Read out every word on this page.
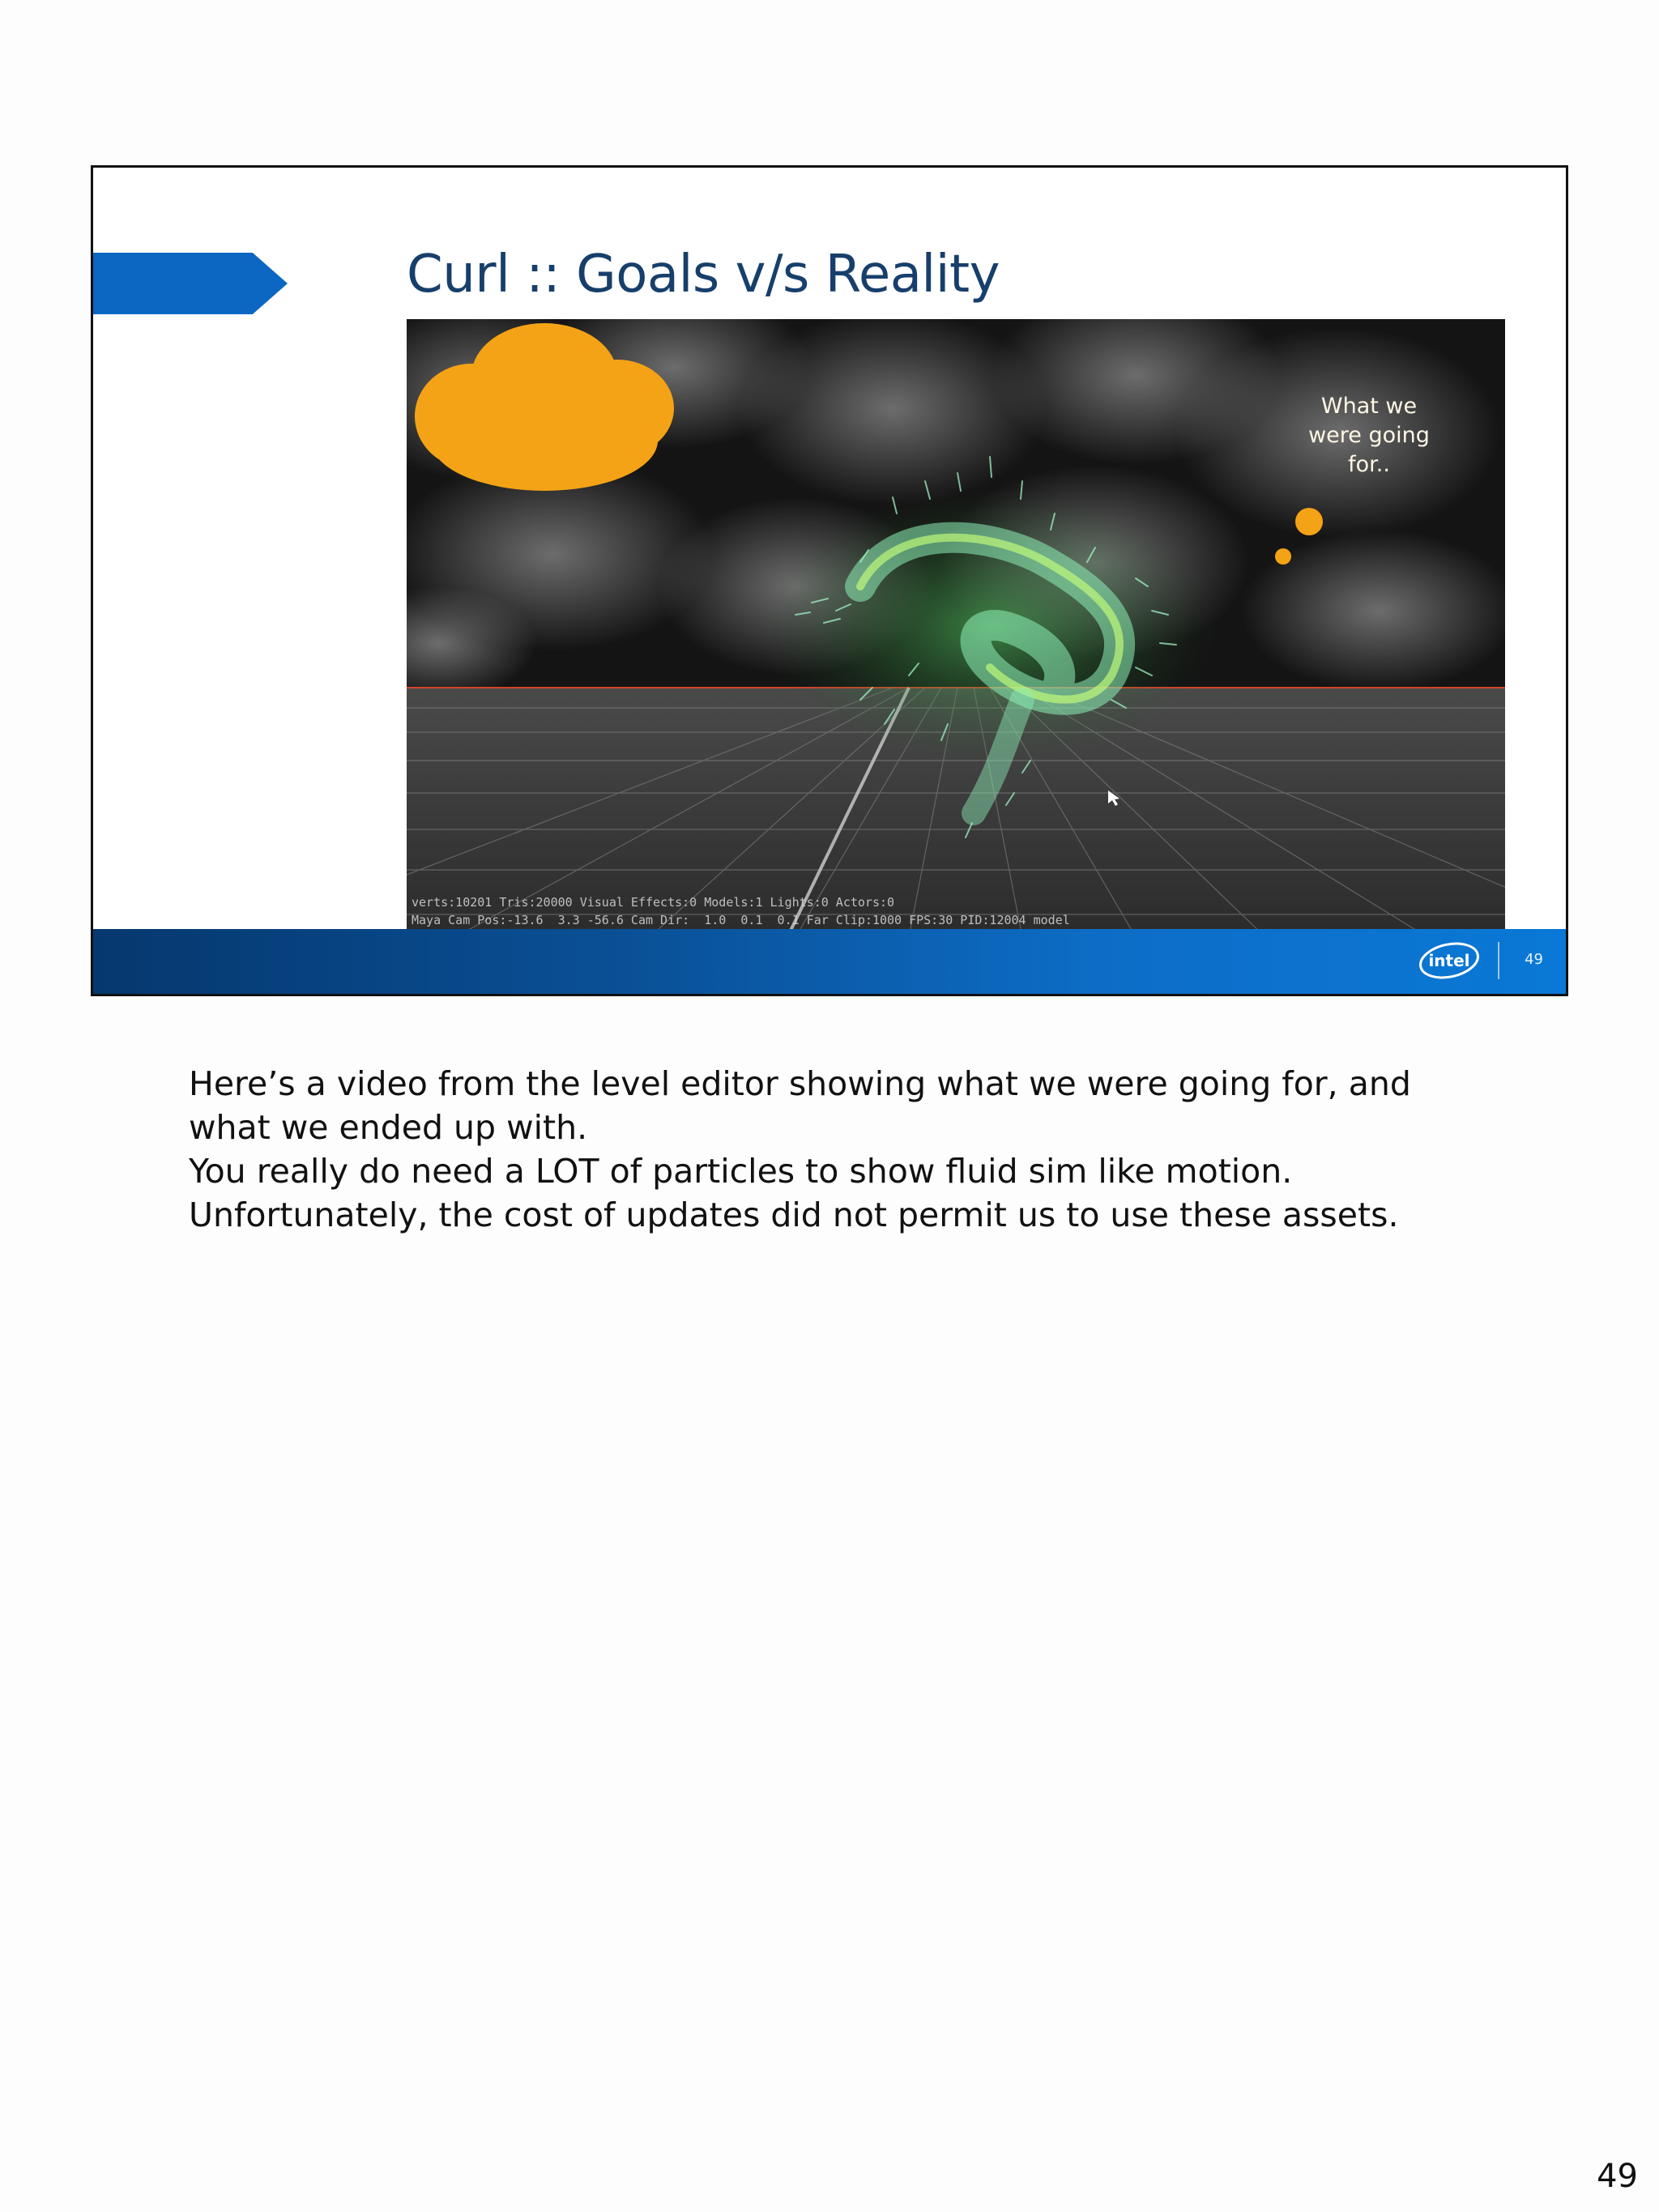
Curl :: Goals v/s Reality
What we
were going
for..
verts:10201 Tris:20000 Visual Effects:0 Models:1 Lights:0 Actors:0
Maya Cam Pos:-13.6  3.3 -56.6 Cam Dir:  1.0  0.1  0.1 Far Clip:1000 FPS:30 PID:12004 model
intel	49

Here’s a video from the level editor showing what we were going for, and what we ended up with.

You really do need a LOT of particles to show fluid sim like motion.

Unfortunately, the cost of updates did not permit us to use these assets.

49
